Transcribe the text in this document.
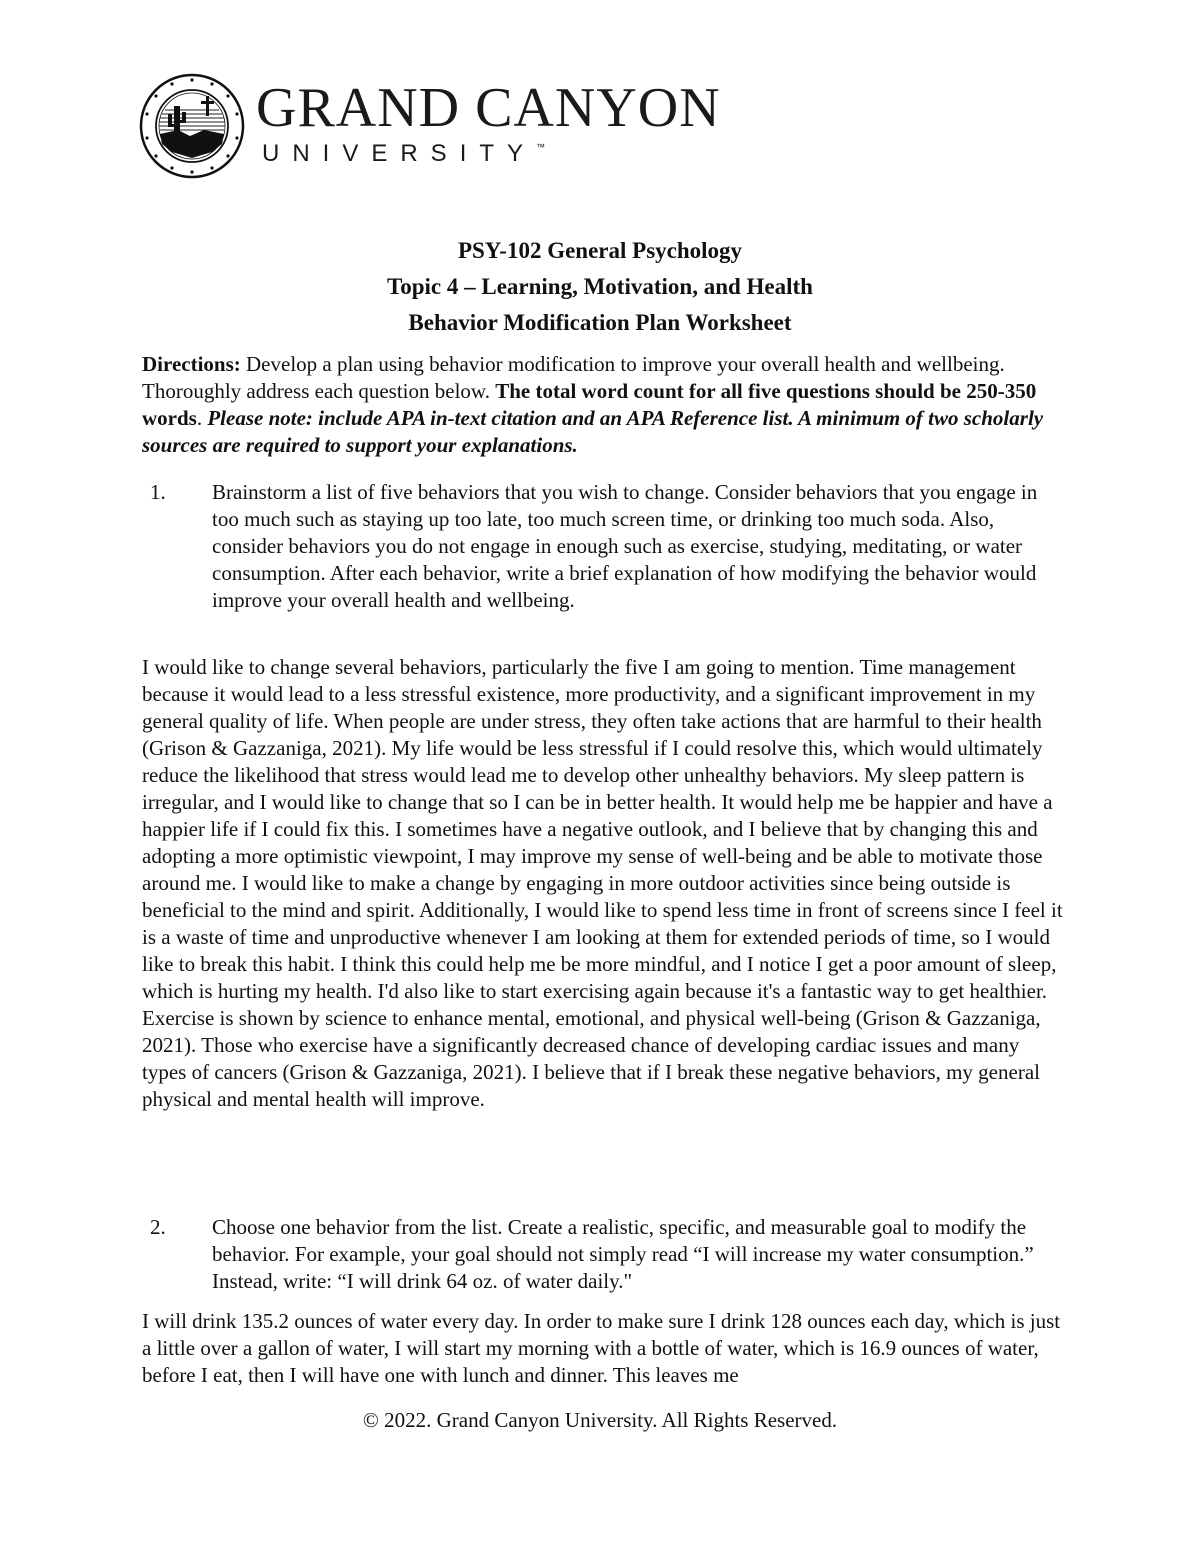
GRAND CANYON
UNIVERSITY™
PSY-102 General Psychology
Topic 4 – Learning, Motivation, and Health
Behavior Modification Plan Worksheet
Directions: Develop a plan using behavior modification to improve your overall health and wellbeing. Thoroughly address each question below. The total word count for all five questions should be 250-350 words. Please note: include APA in-text citation and an APA Reference list. A minimum of two scholarly sources are required to support your explanations.
1.	Brainstorm a list of five behaviors that you wish to change. Consider behaviors that you engage in too much such as staying up too late, too much screen time, or drinking too much soda. Also, consider behaviors you do not engage in enough such as exercise, studying, meditating, or water consumption. After each behavior, write a brief explanation of how modifying the behavior would improve your overall health and wellbeing.
I would like to change several behaviors, particularly the five I am going to mention. Time management because it would lead to a less stressful existence, more productivity, and a significant improvement in my general quality of life. When people are under stress, they often take actions that are harmful to their health (Grison & Gazzaniga, 2021). My life would be less stressful if I could resolve this, which would ultimately reduce the likelihood that stress would lead me to develop other unhealthy behaviors. My sleep pattern is irregular, and I would like to change that so I can be in better health. It would help me be happier and have a happier life if I could fix this. I sometimes have a negative outlook, and I believe that by changing this and adopting a more optimistic viewpoint, I may improve my sense of well-being and be able to motivate those around me. I would like to make a change by engaging in more outdoor activities since being outside is beneficial to the mind and spirit. Additionally, I would like to spend less time in front of screens since I feel it is a waste of time and unproductive whenever I am looking at them for extended periods of time, so I would like to break this habit. I think this could help me be more mindful, and I notice I get a poor amount of sleep, which is hurting my health. I'd also like to start exercising again because it's a fantastic way to get healthier. Exercise is shown by science to enhance mental, emotional, and physical well-being (Grison & Gazzaniga, 2021). Those who exercise have a significantly decreased chance of developing cardiac issues and many types of cancers (Grison & Gazzaniga, 2021). I believe that if I break these negative behaviors, my general physical and mental health will improve.
2.	Choose one behavior from the list. Create a realistic, specific, and measurable goal to modify the behavior. For example, your goal should not simply read “I will increase my water consumption.” Instead, write: “I will drink 64 oz. of water daily."
I will drink 135.2 ounces of water every day. In order to make sure I drink 128 ounces each day, which is just a little over a gallon of water, I will start my morning with a bottle of water, which is 16.9 ounces of water, before I eat, then I will have one with lunch and dinner. This leaves me
© 2022. Grand Canyon University. All Rights Reserved.
